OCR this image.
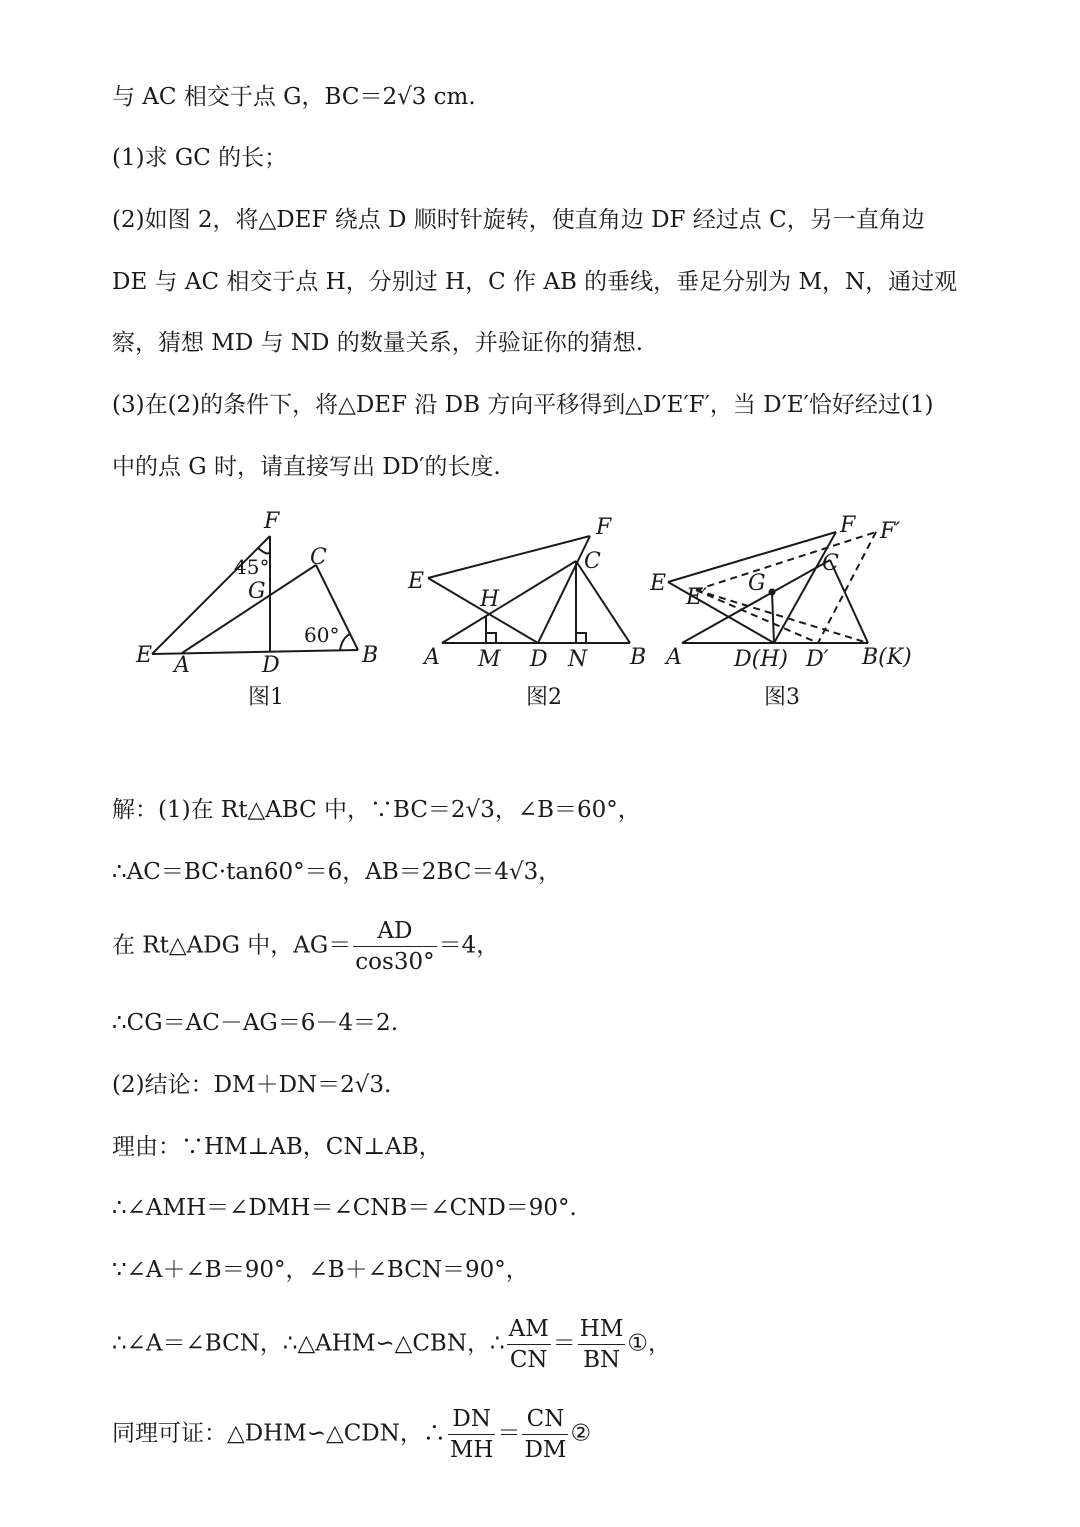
与 AC 相交于点 G，BC＝2√3 cm.
(1)求 GC 的长；
(2)如图 2，将△DEF 绕点 D 顺时针旋转，使直角边 DF 经过点 C，另一直角边
DE 与 AC 相交于点 H，分别过 H，C 作 AB 的垂线，垂足分别为 M，N，通过观
察，猜想 MD 与 ND 的数量关系，并验证你的猜想.
(3)在(2)的条件下，将△DEF 沿 DB 方向平移得到△D′E′F′，当 D′E′恰好经过(1)
中的点 G 时，请直接写出 DD′的长度.
F
C
E A	D	B
G
45°
60°
图1
F
C
E
H
A M D N B
图2
F F′
C
E
E′
G
A D(H) D′ B(K)
图3
解：(1)在 Rt△ABC 中，∵BC＝2√3，∠B＝60°，
∴AC＝BC·tan60°＝6，AB＝2BC＝4√3，
在 Rt△ADG 中，$AG= \frac{AD}{\cos 30^\circ} =4$，
∴CG＝AC－AG＝6－4＝2.
(2)结论：DM＋DN＝2√3.
理由：∵HM⊥AB，CN⊥AB，
∴∠AMH＝∠DMH＝∠CNB＝∠CND＝90°.
∵∠A＋∠B＝90°，∠B＋∠BCN＝90°，
∴∠A＝∠BCN，∴△AHM∽△CBN，∴ $\frac{AM}{CN} = \frac{HM}{BN}$ ①，
同理可证：△DHM∽△CDN，∴ $\frac{DN}{MH} = \frac{CN}{DM}$ ②
